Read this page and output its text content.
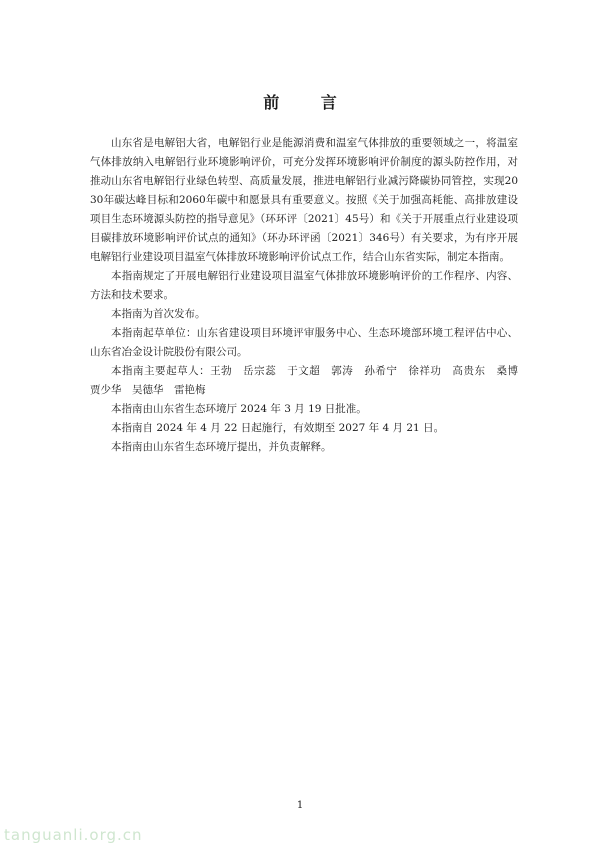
前 言

山东省是电解铝大省，电解铝行业是能源消费和温室气体排放的重要领域之一，将温室气体排放纳入电解铝行业环境影响评价，可充分发挥环境影响评价制度的源头防控作用，对推动山东省电解铝行业绿色转型、高质量发展，推进电解铝行业减污降碳协同管控，实现2030年碳达峰目标和2060年碳中和愿景具有重要意义。按照《关于加强高耗能、高排放建设项目生态环境源头防控的指导意见》（环环评〔2021〕45号）和《关于开展重点行业建设项目碳排放环境影响评价试点的通知》（环办环评函〔2021〕346号）有关要求，为有序开展电解铝行业建设项目温室气体排放环境影响评价试点工作，结合山东省实际，制定本指南。

本指南规定了开展电解铝行业建设项目温室气体排放环境影响评价的工作程序、内容、方法和技术要求。

本指南为首次发布。

本指南起草单位：山东省建设项目环境评审服务中心、生态环境部环境工程评估中心、山东省冶金设计院股份有限公司。

本指南主要起草人：王勃　岳宗蕊　于文超　郭涛　孙希宁　徐祥功　高贵东　桑博　贾少华　吴德华　雷艳梅

本指南由山东省生态环境厅 2024 年 3 月 19 日批准。

本指南自 2024 年 4 月 22 日起施行，有效期至 2027 年 4 月 21 日。

本指南由山东省生态环境厅提出，并负责解释。

1
tanguanli.org.cn
